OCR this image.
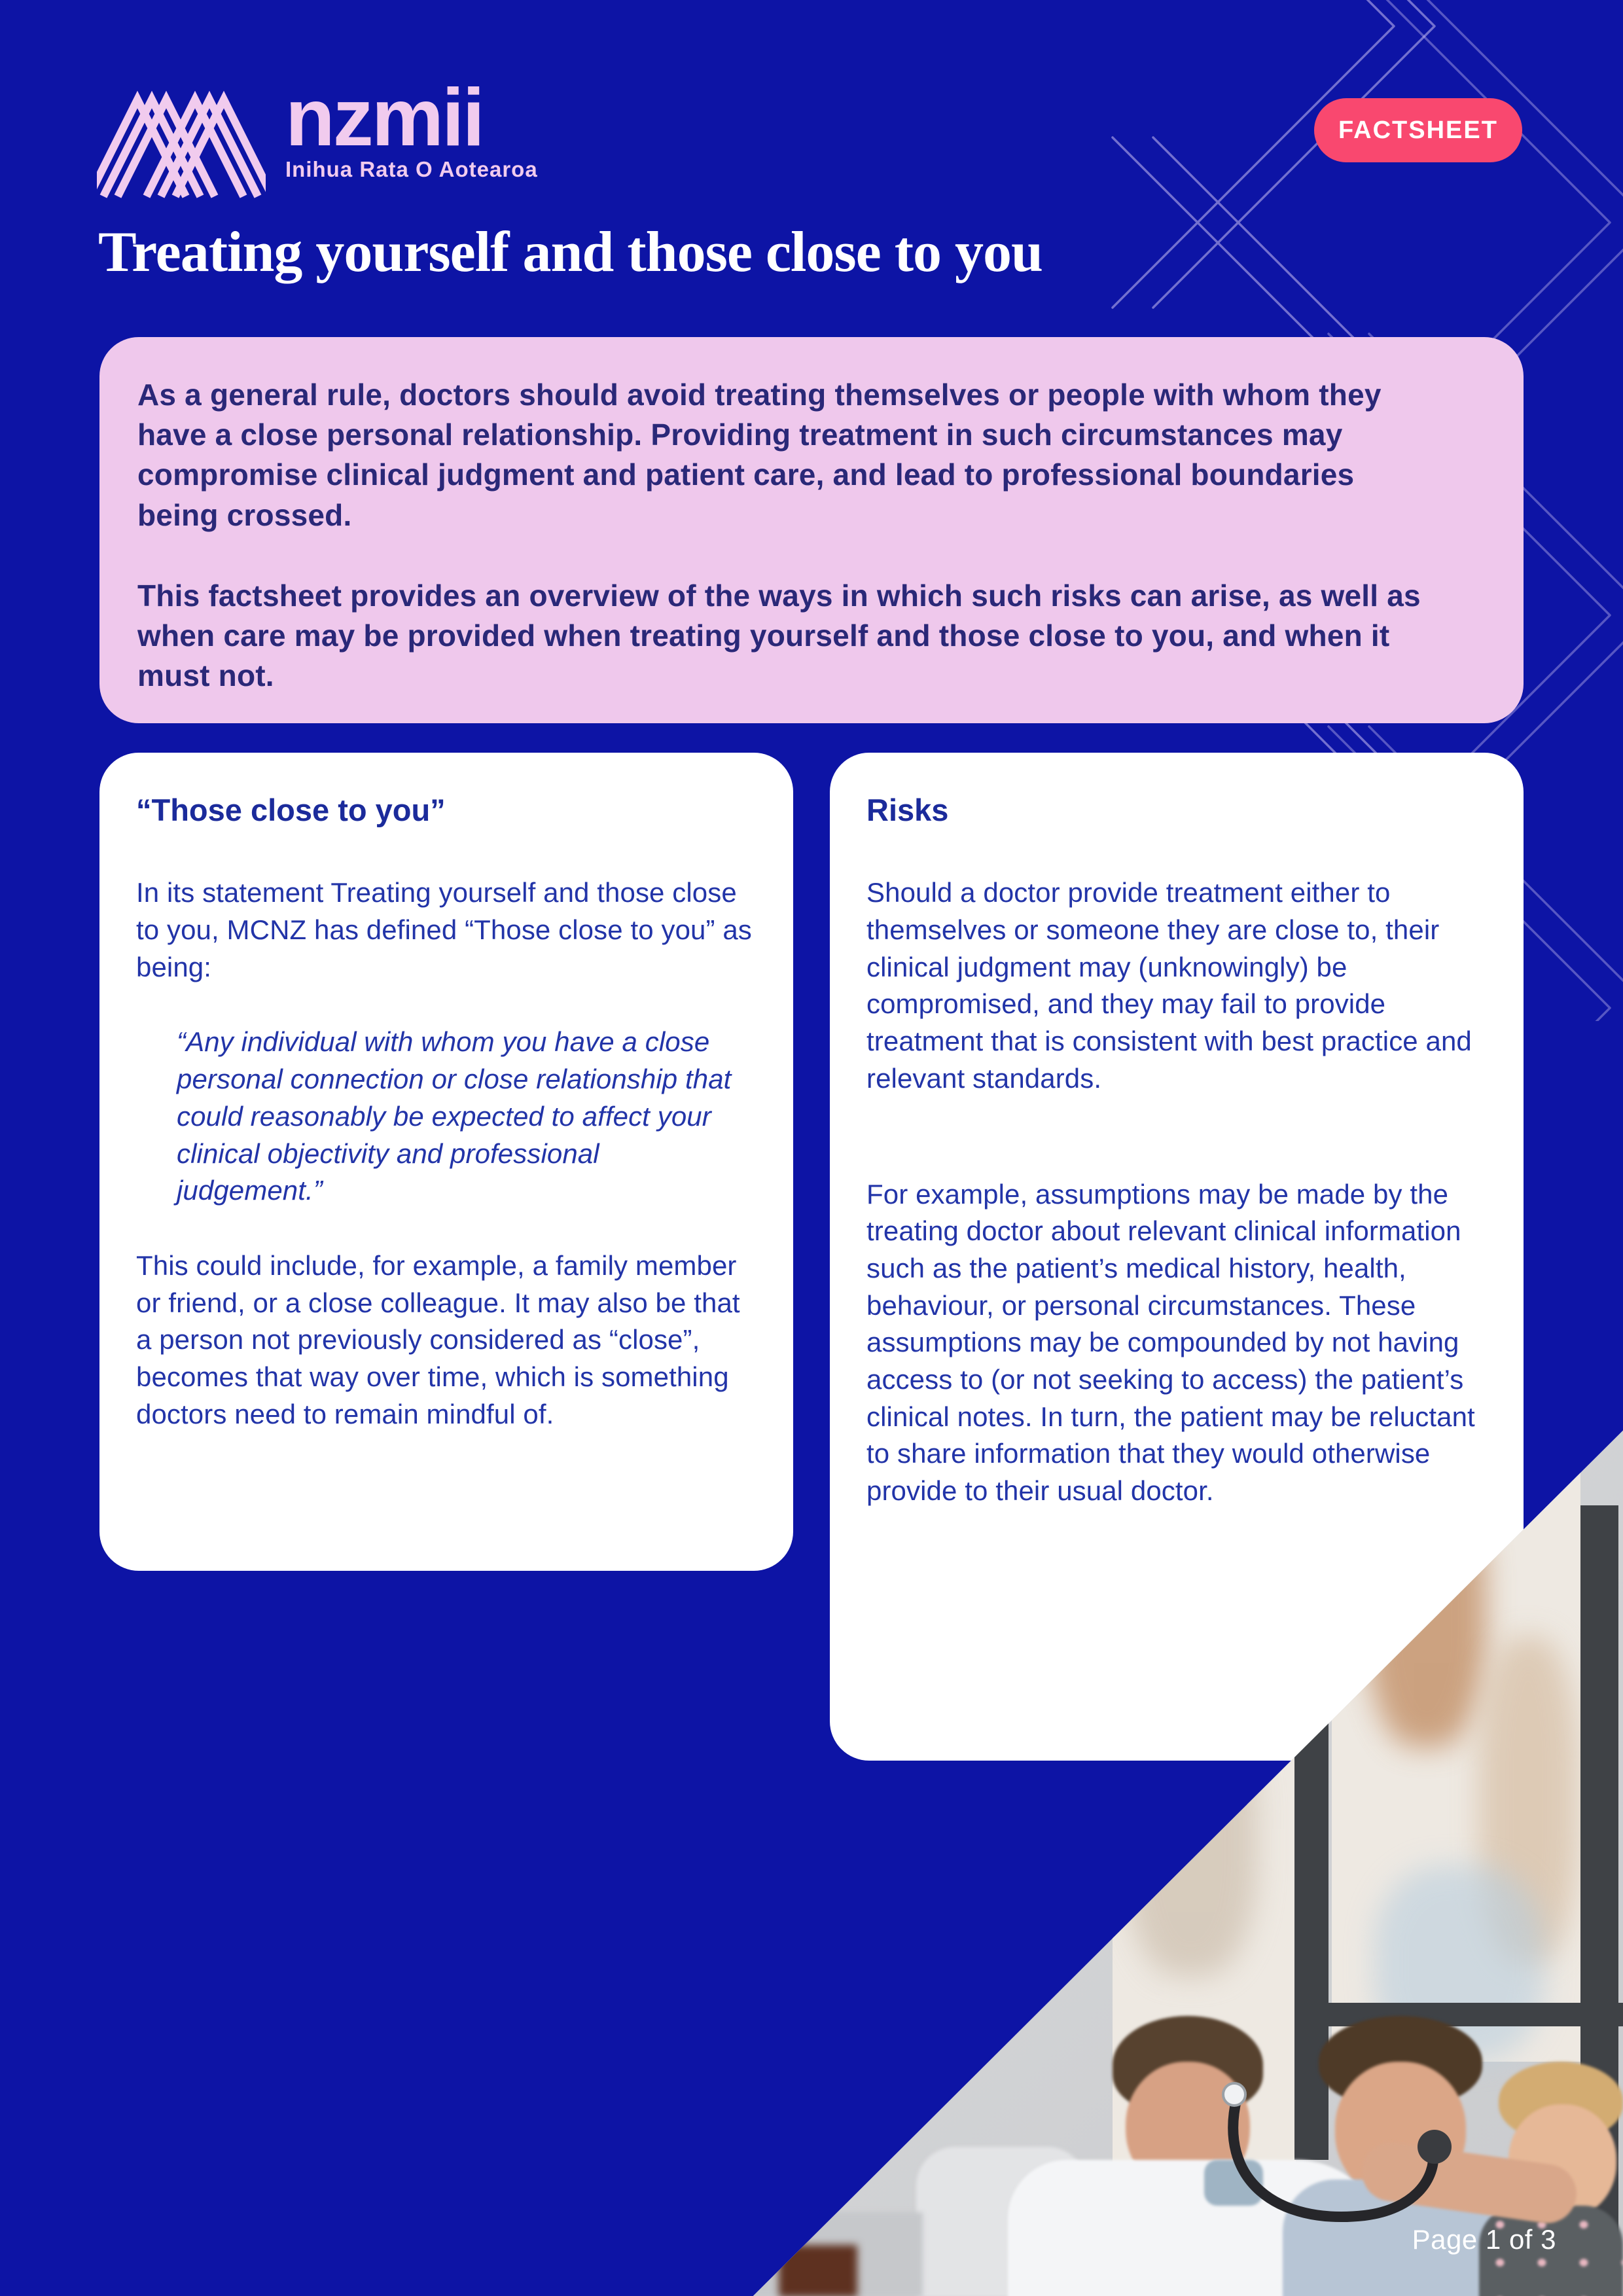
nzmii
Inihua Rata O Aotearoa
FACTSHEET
Treating yourself and those close to you

As a general rule, doctors should avoid treating themselves or people with whom they have a close personal relationship. Providing treatment in such circumstances may compromise clinical judgment and patient care, and lead to professional boundaries being crossed.

This factsheet provides an overview of the ways in which such risks can arise, as well as when care may be provided when treating yourself and those close to you, and when it must not.

“Those close to you”

In its statement Treating yourself and those close to you, MCNZ has defined “Those close to you” as being:

“Any individual with whom you have a close personal connection or close relationship that could reasonably be expected to affect your clinical objectivity and professional judgement.”

This could include, for example, a family member or friend, or a close colleague. It may also be that a person not previously considered as “close”, becomes that way over time, which is something doctors need to remain mindful of.

Risks

Should a doctor provide treatment either to themselves or someone they are close to, their clinical judgment may (unknowingly) be compromised, and they may fail to provide treatment that is consistent with best practice and relevant standards.

For example, assumptions may be made by the treating doctor about relevant clinical information such as the patient’s medical history, health, behaviour, or personal circumstances. These assumptions may be compounded by not having access to (or not seeking to access) the patient’s clinical notes. In turn, the patient may be reluctant to share information that they would otherwise provide to their usual doctor.

Page 1 of 3
